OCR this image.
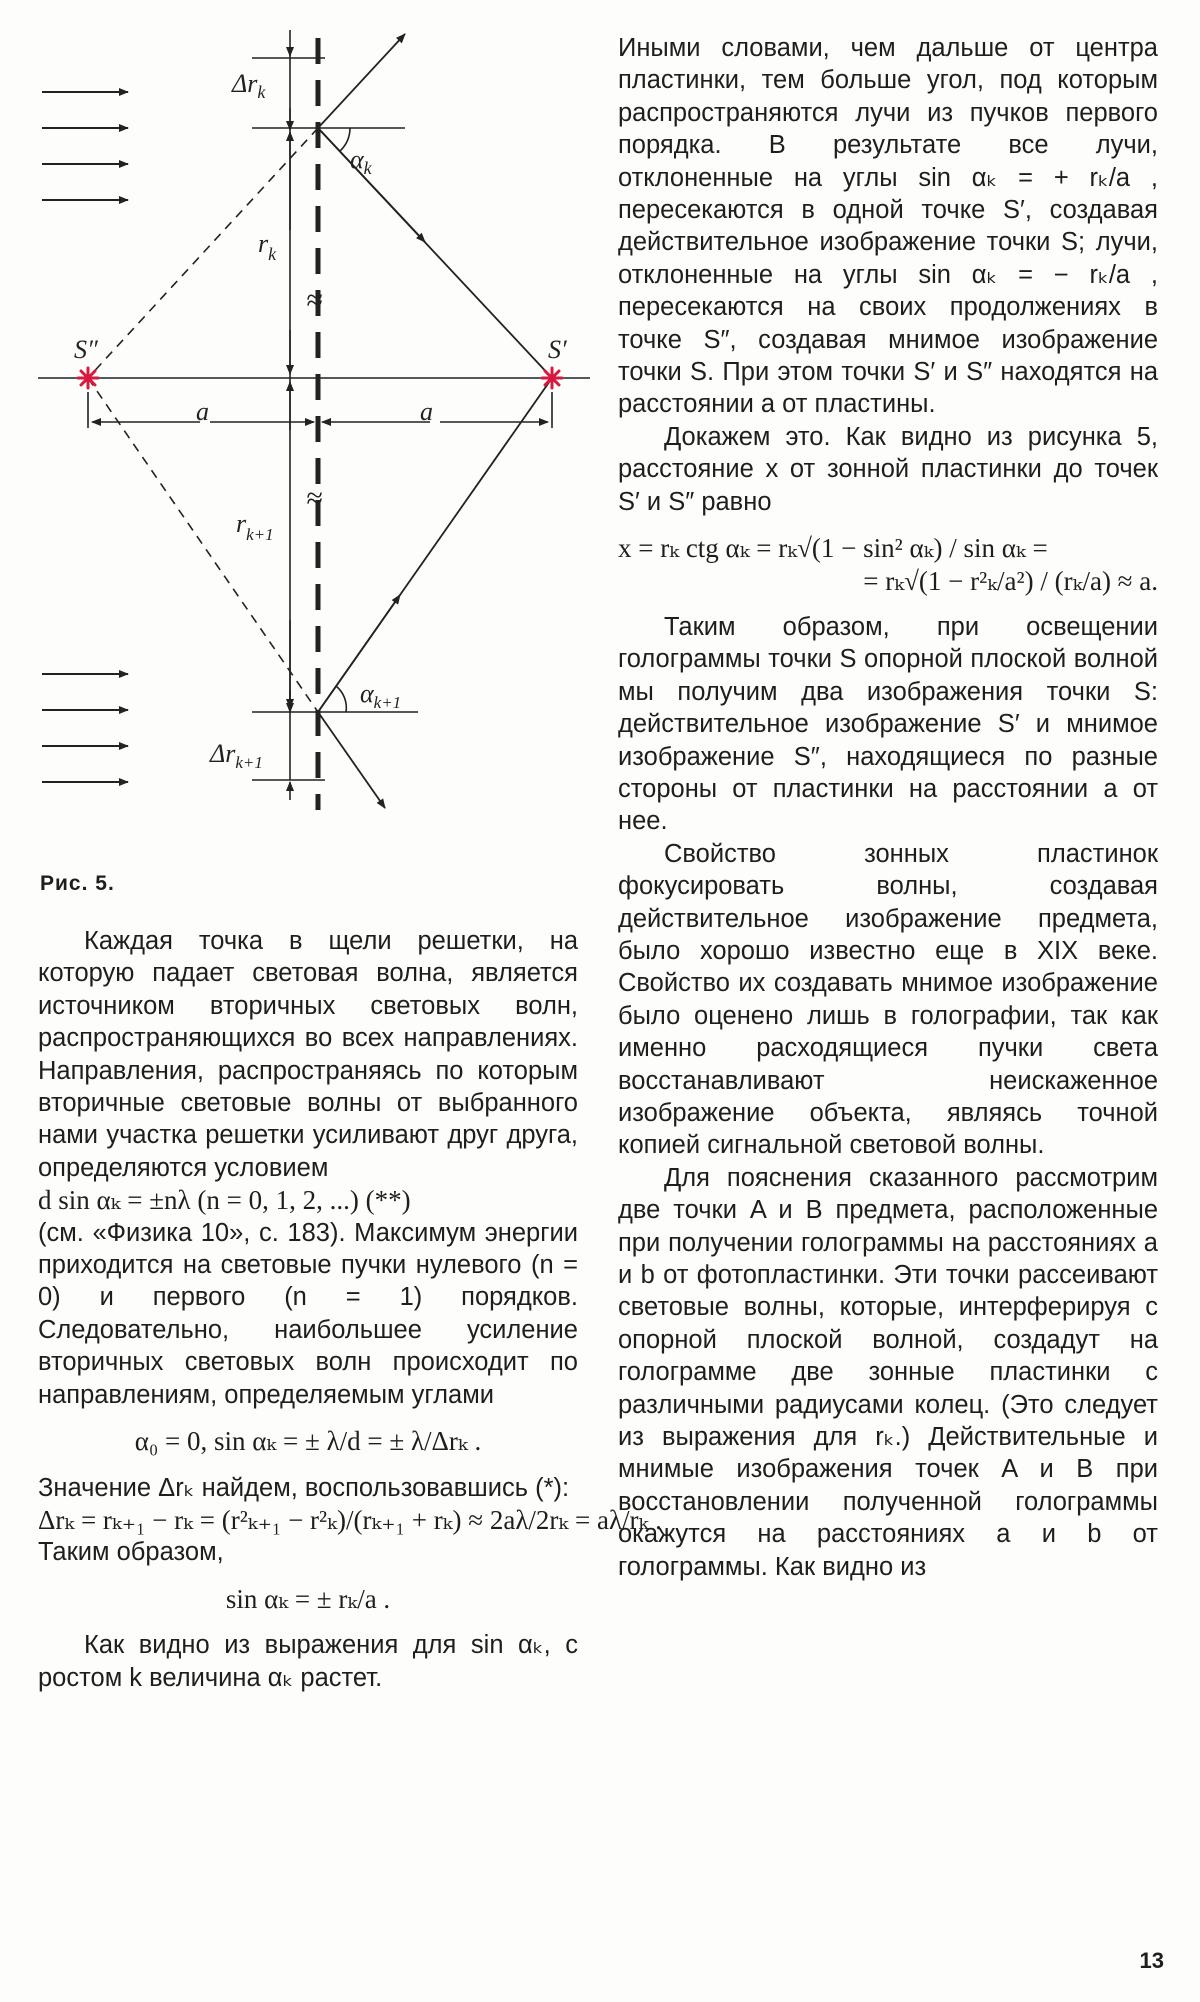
$\Delta r_k$
$\alpha_k$
$r_k$
≈
S″	S′
a	a
≈
$r_{k+1}$
$\alpha_{k+1}$
$\Delta r_{k+1}$
Рис. 5.

Каждая точка в щели решетки, на которую падает световая волна, является источником вторичных световых волн, распространяющихся во всех направлениях. Направления, распространяясь по которым вторичные световые волны от выбранного нами участка решетки усиливают друг друга, определяются условием

d sin αₖ = ±nλ (n = 0, 1, 2, ...) (**)

(см. «Физика 10», с. 183). Максимум энергии приходится на световые пучки нулевого (n = 0) и первого (n = 1) порядков. Следовательно, наибольшее усиление вторичных световых волн происходит по направлениям, определяемым углами

α₀ = 0, sin αₖ = ± λ/d = ± λ/Δrₖ .

Значение Δrₖ найдем, воспользовавшись (*):

Δrₖ = rₖ₊₁ − rₖ = (r²ₖ₊₁ − r²ₖ)/(rₖ₊₁ + rₖ) ≈ 2aλ/2rₖ = aλ/rₖ .

Таким образом,

sin αₖ = ± rₖ/a .

Как видно из выражения для sin αₖ, с ростом k величина αₖ растет.

Иными словами, чем дальше от центра пластинки, тем больше угол, под которым распространяются лучи из пучков первого порядка. В результате все лучи, отклоненные на углы sin αₖ = + rₖ/a , пересекаются в одной точке S′, создавая действительное изображение точки S; лучи, отклоненные на углы sin αₖ = − rₖ/a , пересекаются на своих продолжениях в точке S″, создавая мнимое изображение точки S. При этом точки S′ и S″ находятся на расстоянии a от пластины.

Докажем это. Как видно из рисунка 5, расстояние x от зонной пластинки до точек S′ и S″ равно

x = rₖ ctg αₖ = rₖ√(1 − sin² αₖ) / sin αₖ =

= rₖ√(1 − r²ₖ/a²) / (rₖ/a) ≈ a.

Таким образом, при освещении голограммы точки S опорной плоской волной мы получим два изображения точки S: действительное изображение S′ и мнимое изображение S″, находящиеся по разные стороны от пластинки на расстоянии a от нее.

Свойство зонных пластинок фокусировать волны, создавая действительное изображение предмета, было хорошо известно еще в XIX веке. Свойство их создавать мнимое изображение было оценено лишь в голографии, так как именно расходящиеся пучки света восстанавливают неискаженное изображение объекта, являясь точной копией сигнальной световой волны.

Для пояснения сказанного рассмотрим две точки A и B предмета, расположенные при получении голограммы на расстояниях a и b от фотопластинки. Эти точки рассеивают световые волны, которые, интерферируя с опорной плоской волной, создадут на голограмме две зонные пластинки с различными радиусами колец. (Это следует из выражения для rₖ.) Действительные и мнимые изображения точек A и B при восстановлении полученной голограммы окажутся на расстояниях a и b от голограммы. Как видно из

13
